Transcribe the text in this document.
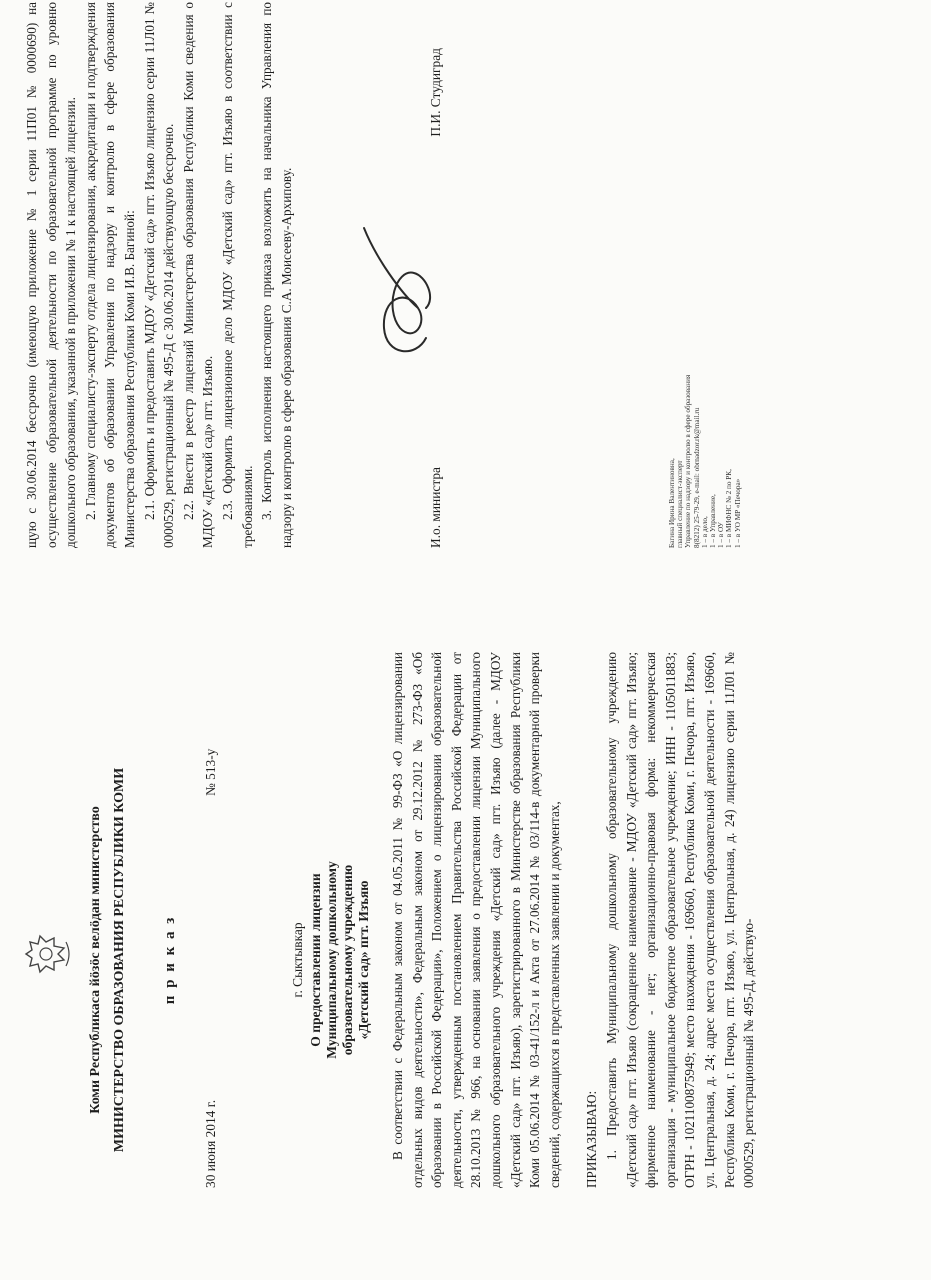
Коми Республикаса йӧзӧс велӧдан министерство МИНИСТЕРСТВО ОБРАЗОВАНИЯ РЕСПУБЛИКИ КОМИ п р и к а з

30 июня 2014 г.
№ 513-у

г. Сыктывкар О предоставлении лицензии Муниципальному дошкольному образовательному учреждению «Детский сад» пгт. Изъяю В соответствии с Федеральным законом от 04.05.2011 № 99-ФЗ «О лицензировании отдельных видов деятельности», Федеральным законом от 29.12.2012 № 273-ФЗ «Об образовании в Российской Федерации», Положением о лицензировании образовательной деятельности, утвержденным постановлением Правительства Российской Федерации от 28.10.2013 № 966, на основании заявления о предоставлении лицензии Муниципального дошкольного образовательного учреждения «Детский сад» пгт. Изъяю (далее - МДОУ «Детский сад» пгт. Изъяю), зарегистрированного в Министерстве образования Республики Коми 05.06.2014 № 03-41/152-л и Акта от 27.06.2014 № 03/114-в документарной проверки сведений, содержащихся в представленных заявлении и документах, ПРИКАЗЫВАЮ: 1. Предоставить Муниципальному дошкольному образовательному учреждению «Детский сад» пгт. Изъяю (сокращенное наименование - МДОУ «Детский сад» пгт. Изъяю; фирменное наименование - нет; организационно-правовая форма: некоммерческая организация - муниципальное бюджетное образовательное учреждение; ИНН - 1105011883; ОГРН - 1021100875949; место нахождения - 169660, Республика Коми, г. Печора, пгт. Изъяю, ул. Центральная, д. 24; адрес места осуществления образовательной деятельности - 169660, Республика Коми, г. Печора, пгт. Изъяю, ул. Центральная, д. 24) лицензию серии 11Л01 № 0000529, регистрационный № 495-Д, действую-

щую с 30.06.2014 бессрочно (имеющую приложение № 1 серии 11П01 № 0000690) на осуществление образовательной деятельности по образовательной программе по уровню дошкольного образования, указанной в приложении № 1 к настоящей лицензии. 2. Главному специалисту-эксперту отдела лицензирования, аккредитации и подтверждения документов об образовании Управления по надзору и контролю в сфере образования Министерства образования Республики Коми И.В. Багиной: 2.1. Оформить и предоставить МДОУ «Детский сад» пгт. Изъяю лицензию серии 11Л01 № 0000529, регистрационный № 495-Д с 30.06.2014 действующую бессрочно. 2.2. Внести в реестр лицензий Министерства образования Республики Коми сведения о МДОУ «Детский сад» пгт. Изъяю. 2.3. Оформить лицензионное дело МДОУ «Детский сад» пгт. Изъяю в соответствии с требованиями. 3. Контроль исполнения настоящего приказа возложить на начальника Управления по надзору и контролю в сфере образования С.А. Моисееву-Архипову.	И.о. министра
П.И. Студиград

Багина Ирина Валентиновна, главный специалист-эксперт Управление по надзору и контролю в сфере образования 8(8212) 25-79-29, e-mail: obrnadzor.rk@mail.ru 1 – в дело, 1 – в Управление, 1 – в ОУ 1 – в МИФНС № 2 по РК, 1 – в УО МР «Печора»
